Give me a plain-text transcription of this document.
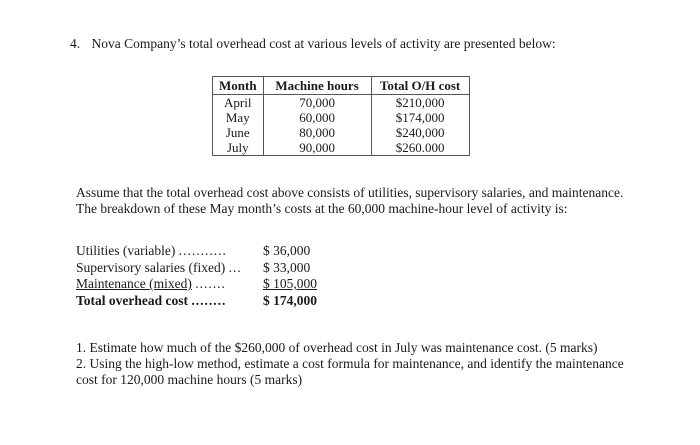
4. Nova Company’s total overhead cost at various levels of activity are presented below:
Month	Machine hours	Total O/H cost
April	70,000	$210,000
May	60,000	$174,000
June	80,000	$240,000
July	90,000	$260.000
Assume that the total overhead cost above consists of utilities, supervisory salaries, and maintenance. The breakdown of these May month’s costs at the 60,000 machine-hour level of activity is:
Utilities (variable) ...........	$ 36,000
Supervisory salaries (fixed) ...	$ 33,000
Maintenance (mixed) .......	$ 105,000
Total overhead cost ........	$ 174,000
1. Estimate how much of the $260,000 of overhead cost in July was maintenance cost. (5 marks)
2. Using the high-low method, estimate a cost formula for maintenance, and identify the maintenance cost for 120,000 machine hours (5 marks)
